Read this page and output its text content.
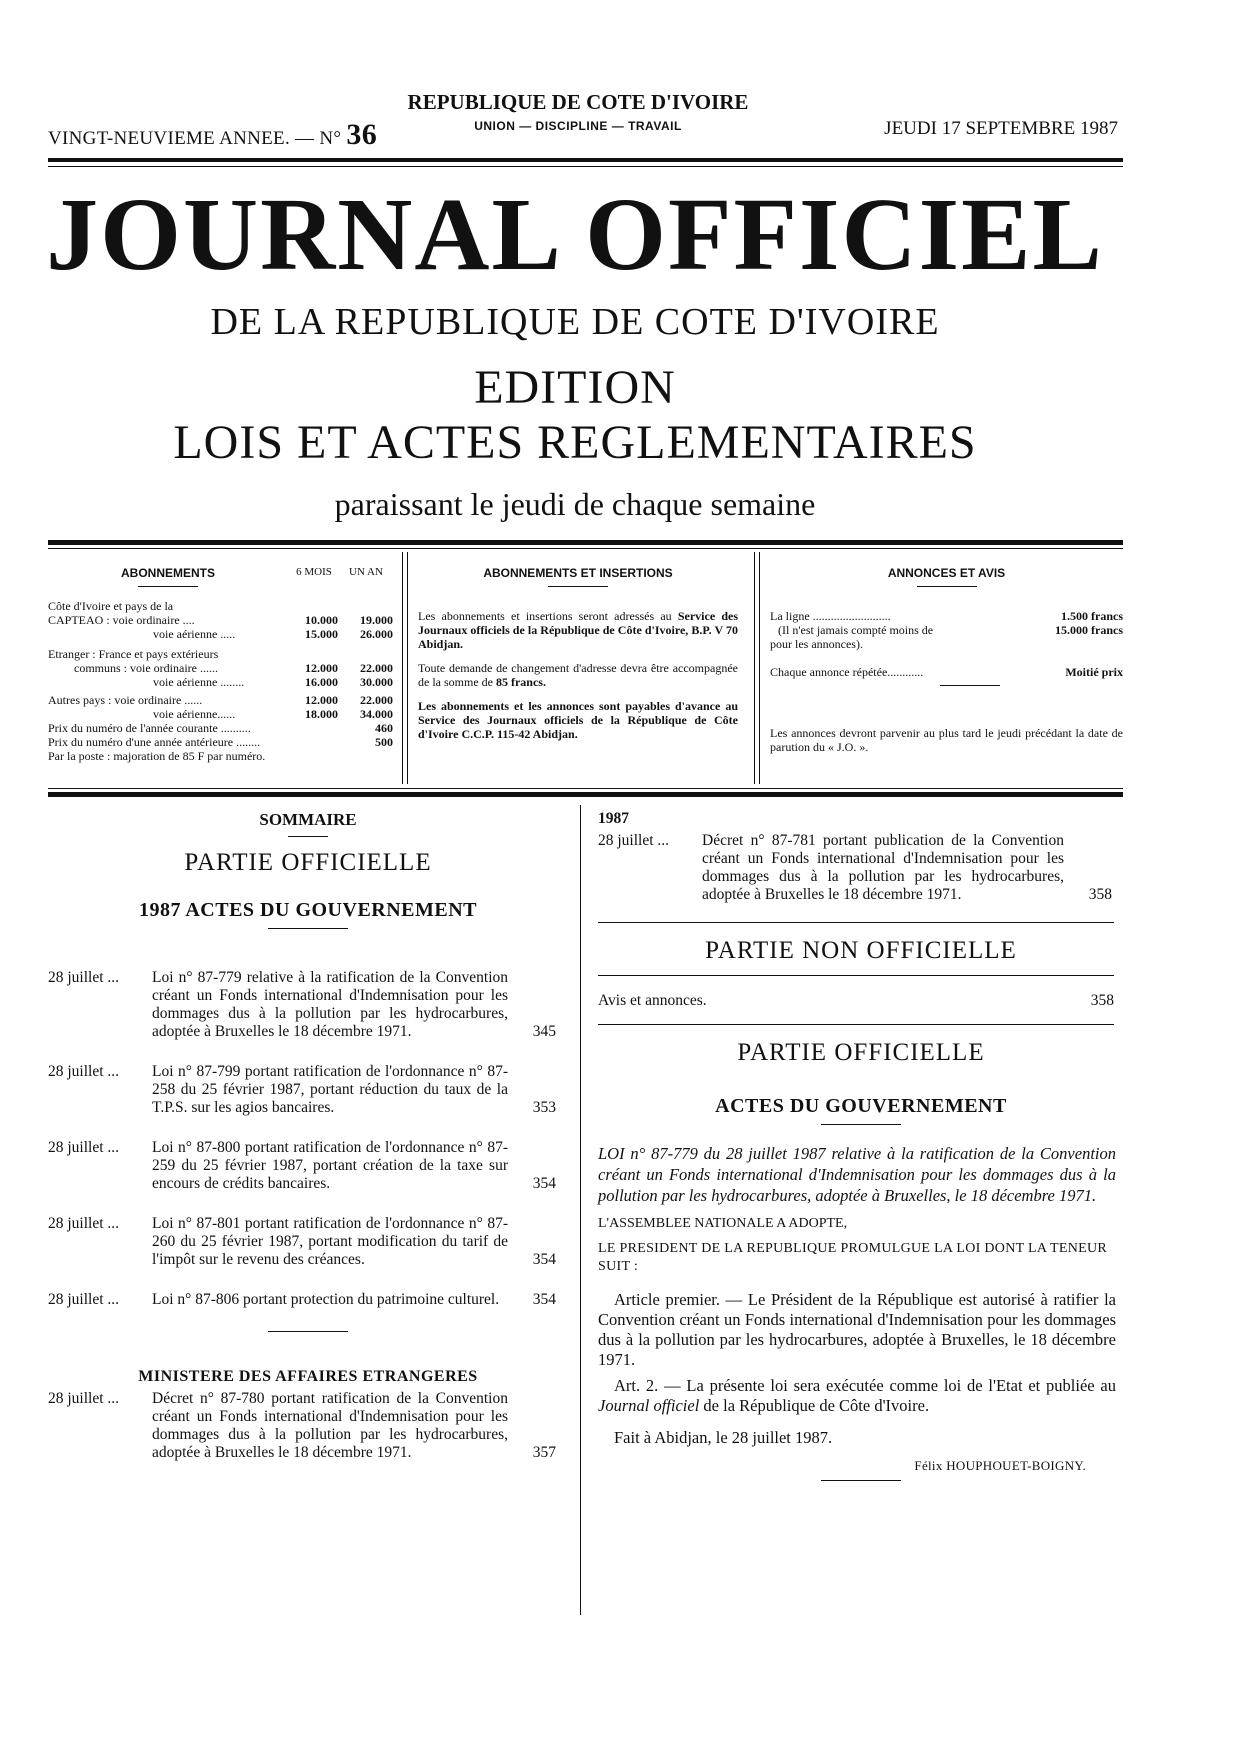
VINGT-NEUVIEME ANNEE. — N° 36
REPUBLIQUE DE COTE D'IVOIRE
UNION — DISCIPLINE — TRAVAIL	JEUDI 17 SEPTEMBRE 1987
JOURNAL OFFICIEL
DE LA REPUBLIQUE DE COTE D'IVOIRE
EDITION
LOIS ET ACTES REGLEMENTAIRES
paraissant le jeudi de chaque semaine
ABONNEMENTS	6 MOIS	UN AN
Côte d'Ivoire et pays de la
CAPTEAO : voie ordinaire ....	10.000 19.000
voie aérienne .....	15.000 26.000
Etranger : France et pays extérieurs
communs : voie ordinaire ......	12.000 22.000
voie aérienne ........	16.000 30.000
Autres pays : voie ordinaire ......	12.000 22.000
voie aérienne......	18.000 34.000
Prix du numéro de l'année courante ..........	460
Prix du numéro d'une année antérieure ........	500
Par la poste : majoration de 85 F par numéro.
ABONNEMENTS ET INSERTIONS
Les abonnements et insertions seront adressés au Service des Journaux officiels de la République de Côte d'Ivoire, B.P. V 70 Abidjan.
Toute demande de changement d'adresse devra être accompagnée de la somme de 85 francs.
Les abonnements et les annonces sont payables d'avance au Service des Journaux officiels de la République de Côte d'Ivoire C.C.P. 115-42 Abidjan.
ANNONCES ET AVIS
La ligne ..........................	1.500 francs
(Il n'est jamais compté moins de	15.000 francs
pour les annonces).
Chaque annonce répétée............	Moitié prix
Les annonces devront parvenir au plus tard le jeudi précédant la date de parution du « J.O. ».
SOMMAIRE
PARTIE OFFICIELLE
1987 ACTES DU GOUVERNEMENT
28 juillet ... Loi n° 87-779 relative à la ratification de la Convention créant un Fonds international d'Indemnisation pour les dommages dus à la pollution par les hydrocarbures, adoptée à Bruxelles le 18 décembre 1971.	345
28 juillet ... Loi n° 87-799 portant ratification de l'ordonnance n° 87-258 du 25 février 1987, portant réduction du taux de la T.P.S. sur les agios bancaires.	353
28 juillet ... Loi n° 87-800 portant ratification de l'ordonnance n° 87-259 du 25 février 1987, portant création de la taxe sur encours de crédits bancaires.	354
28 juillet ... Loi n° 87-801 portant ratification de l'ordonnance n° 87-260 du 25 février 1987, portant modification du tarif de l'impôt sur le revenu des créances.	354
28 juillet ... Loi n° 87-806 portant protection du patrimoine culturel.	354
MINISTERE DES AFFAIRES ETRANGERES
28 juillet ... Décret n° 87-780 portant ratification de la Convention créant un Fonds international d'Indemnisation pour les dommages dus à la pollution par les hydrocarbures, adoptée à Bruxelles le 18 décembre 1971.	357
1987
28 juillet ... Décret n° 87-781 portant publication de la Convention créant un Fonds international d'Indemnisation pour les dommages dus à la pollution par les hydrocarbures, adoptée à Bruxelles le 18 décembre 1971.	358
PARTIE NON OFFICIELLE
Avis et annonces.	358
PARTIE OFFICIELLE
ACTES DU GOUVERNEMENT
LOI n° 87-779 du 28 juillet 1987 relative à la ratification de la Convention créant un Fonds international d'Indemnisation pour les dommages dus à la pollution par les hydrocarbures, adoptée à Bruxelles, le 18 décembre 1971.
L'ASSEMBLEE NATIONALE A ADOPTE,
LE PRESIDENT DE LA REPUBLIQUE PROMULGUE LA LOI DONT LA TENEUR SUIT :
Article premier. — Le Président de la République est autorisé à ratifier la Convention créant un Fonds international d'Indemnisation pour les dommages dus à la pollution par les hydrocarbures, adoptée à Bruxelles, le 18 décembre 1971.
Art. 2. — La présente loi sera exécutée comme loi de l'Etat et publiée au Journal officiel de la République de Côte d'Ivoire.
Fait à Abidjan, le 28 juillet 1987.
Félix HOUPHOUET-BOIGNY.
